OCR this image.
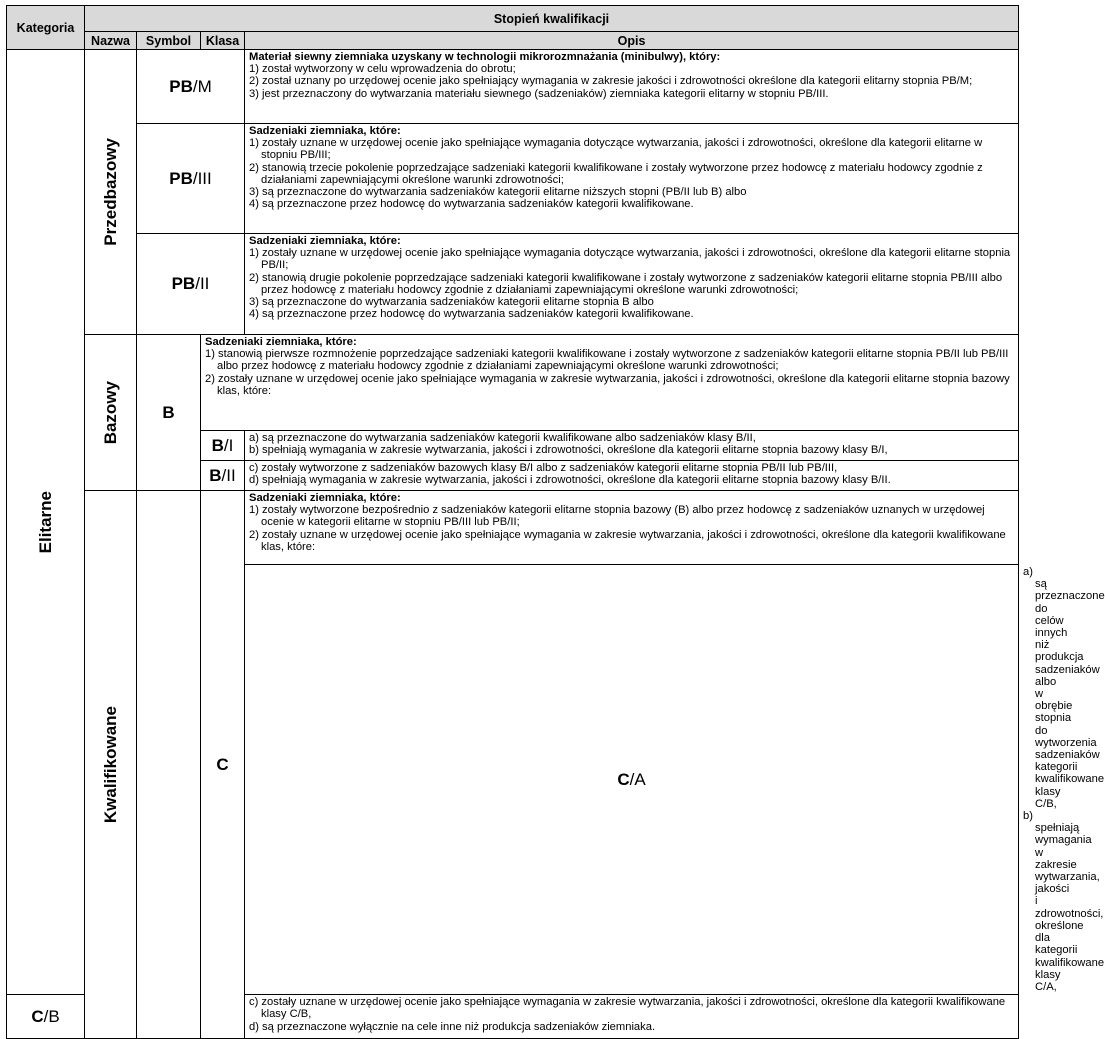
Kategoria	Stopień kwalifikacji				
	Nazwa	Symbol	Klasa	Opis	

Elitarne	Przedbazowy	PB/M		Materiał siewny ziemniaka uzyskany w technologii mikrorozmnażania (minibulwy), który:
1) został wytworzony w celu wprowadzenia do obrotu;
2) został uznany po urzędowej ocenie jako spełniający wymagania w zakresie jakości i zdrowotności określone dla kategorii elitarny stopnia PB/M;
3) jest przeznaczony do wytwarzania materiału siewnego (sadzeniaków) ziemniaka kategorii elitarny w stopniu PB/III.	

		PB/III		Sadzeniaki ziemniaka, które:
1) zostały uznane w urzędowej ocenie jako spełniające wymagania dotyczące wytwarzania, jakości i zdrowotności, określone dla kategorii elitarne w stopniu PB/III;
2) stanowią trzecie pokolenie poprzedzające sadzeniaki kategorii kwalifikowane i zostały wytworzone przez hodowcę z materiału hodowcy zgodnie z działaniami zapewniającymi określone warunki zdrowotności;
3) są przeznaczone do wytwarzania sadzeniaków kategorii elitarne niższych stopni (PB/II lub B) albo
4) są przeznaczone przez hodowcę do wytwarzania sadzeniaków kategorii kwalifikowane.	

		PB/II		Sadzeniaki ziemniaka, które:
1) zostały uznane w urzędowej ocenie jako spełniające wymagania dotyczące wytwarzania, jakości i zdrowotności, określone dla kategorii elitarne stopnia PB/II;
2) stanowią drugie pokolenie poprzedzające sadzeniaki kategorii kwalifikowane i zostały wytworzone z sadzeniaków kategorii elitarne stopnia PB/III albo przez hodowcę z materiału hodowcy zgodnie z działaniami zapewniającymi określone warunki zdrowotności;
3) są przeznaczone do wytwarzania sadzeniaków kategorii elitarne stopnia B albo
4) są przeznaczone przez hodowcę do wytwarzania sadzeniaków kategorii kwalifikowane.	

	Bazowy	B	Sadzeniaki ziemniaka, które:
1) stanowią pierwsze rozmnożenie poprzedzające sadzeniaki kategorii kwalifikowane i zostały wytworzone z sadzeniaków kategorii elitarne stopnia PB/II lub PB/III albo przez hodowcę z materiału hodowcy zgodnie z działaniami zapewniającymi określone warunki zdrowotności;
2) zostały uznane w urzędowej ocenie jako spełniające wymagania w zakresie wytwarzania, jakości i zdrowotności, określone dla kategorii elitarne stopnia bazowy klas, które:		

			B/I	a) są przeznaczone do wytwarzania sadzeniaków kategorii kwalifikowane albo sadzeniaków klasy B/II,
b) spełniają wymagania w zakresie wytwarzania, jakości i zdrowotności, określone dla kategorii elitarne stopnia bazowy klasy B/I,	

			B/II	c) zostały wytworzone z sadzeniaków bazowych klasy B/I albo z sadzeniaków kategorii elitarne stopnia PB/II lub PB/III,
d) spełniają wymagania w zakresie wytwarzania, jakości i zdrowotności, określone dla kategorii elitarne stopnia bazowy klasy B/II.	

	Kwalifikowane		C	Sadzeniaki ziemniaka, które:
1) zostały wytworzone bezpośrednio z sadzeniaków kategorii elitarne stopnia bazowy (B) albo przez hodowcę z sadzeniaków uznanych w urzędowej ocenie w kategorii elitarne w stopniu PB/III lub PB/II;
2) zostały uznane w urzędowej ocenie jako spełniające wymagania w zakresie wytwarzania, jakości i zdrowotności, określone dla kategorii kwalifikowane klas, które:	

				C/A	a) są przeznaczone do celów innych niż produkcja sadzeniaków albo w obrębie stopnia do wytworzenia sadzeniaków kategorii kwalifikowane klasy C/B,
b) spełniają wymagania w zakresie wytwarzania, jakości i zdrowotności, określone dla kategorii kwalifikowane klasy C/A,

C/B				c) zostały uznane w urzędowej ocenie jako spełniające wymagania w zakresie wytwarzania, jakości i zdrowotności, określone dla kategorii kwalifikowane klasy C/B,
d) są przeznaczone wyłącznie na cele inne niż produkcja sadzeniaków ziemniaka.	
